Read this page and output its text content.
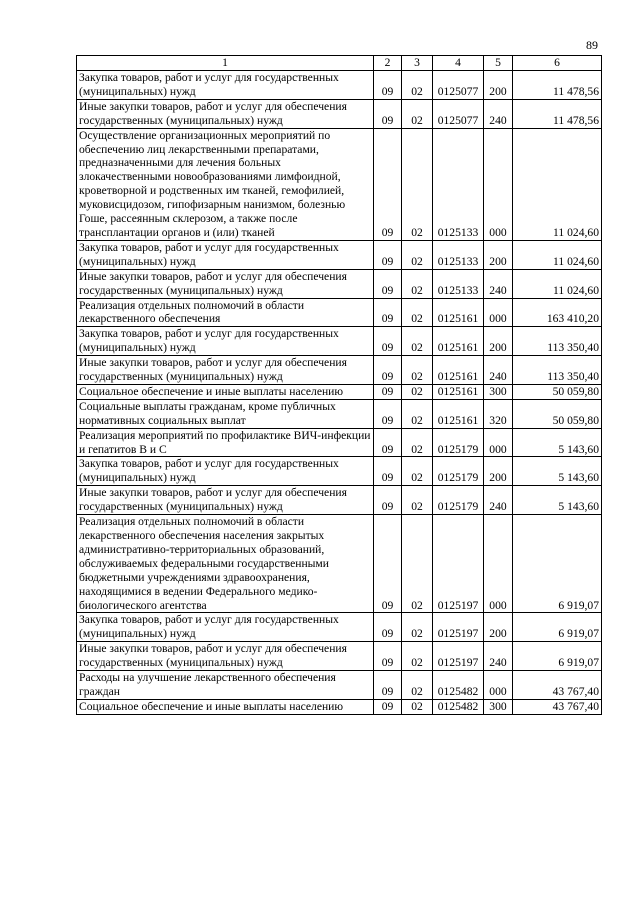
89
1	2	3	4	5	6
Закупка товаров, работ и услуг для государственных (муниципальных) нужд	09	02	0125077	200	11 478,56
Иные закупки товаров, работ и услуг для обеспечения государственных (муниципальных) нужд	09	02	0125077	240	11 478,56
Осуществление организационных мероприятий по обеспечению лиц лекарственными препаратами, предназначенными для лечения больных злокачественными новообразованиями лимфоидной, кроветворной и родственных им тканей, гемофилией, муковисцидозом, гипофизарным нанизмом, болезнью Гоше, рассеянным склерозом, а также после трансплантации органов и (или) тканей	09	02	0125133	000	11 024,60
Закупка товаров, работ и услуг для государственных (муниципальных) нужд	09	02	0125133	200	11 024,60
Иные закупки товаров, работ и услуг для обеспечения государственных (муниципальных) нужд	09	02	0125133	240	11 024,60
Реализация отдельных полномочий в области лекарственного обеспечения	09	02	0125161	000	163 410,20
Закупка товаров, работ и услуг для государственных (муниципальных) нужд	09	02	0125161	200	113 350,40
Иные закупки товаров, работ и услуг для обеспечения государственных (муниципальных) нужд	09	02	0125161	240	113 350,40
Социальное обеспечение и иные выплаты населению	09	02	0125161	300	50 059,80
Социальные выплаты гражданам, кроме публичных нормативных социальных выплат	09	02	0125161	320	50 059,80
Реализация мероприятий по профилактике ВИЧ-инфекции и гепатитов В и С	09	02	0125179	000	5 143,60
Закупка товаров, работ и услуг для государственных (муниципальных) нужд	09	02	0125179	200	5 143,60
Иные закупки товаров, работ и услуг для обеспечения государственных (муниципальных) нужд	09	02	0125179	240	5 143,60
Реализация отдельных полномочий в области лекарственного обеспечения населения закрытых административно-территориальных образований, обслуживаемых федеральными государственными бюджетными учреждениями здравоохранения, находящимися в ведении Федерального медико-биологического агентства	09	02	0125197	000	6 919,07
Закупка товаров, работ и услуг для государственных (муниципальных) нужд	09	02	0125197	200	6 919,07
Иные закупки товаров, работ и услуг для обеспечения государственных (муниципальных) нужд	09	02	0125197	240	6 919,07
Расходы на улучшение лекарственного обеспечения граждан	09	02	0125482	000	43 767,40
Социальное обеспечение и иные выплаты населению	09	02	0125482	300	43 767,40
